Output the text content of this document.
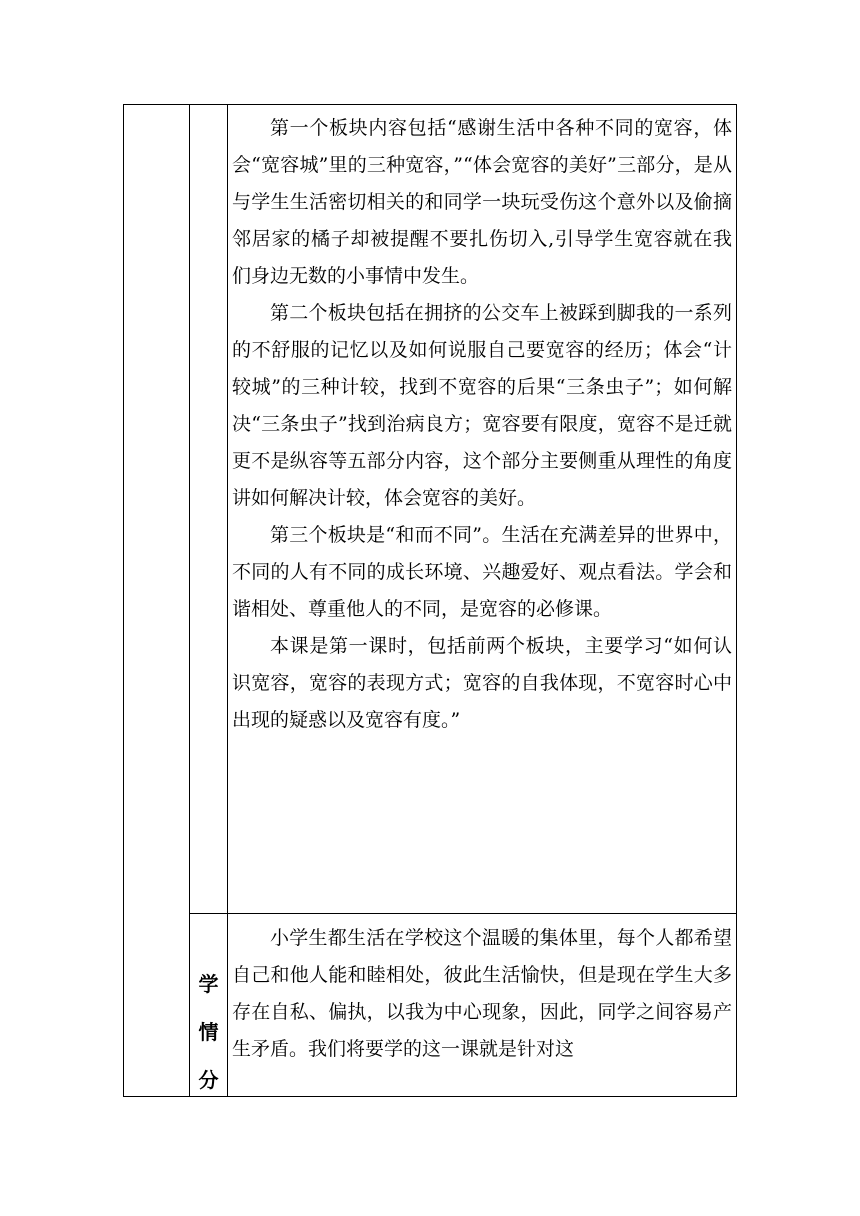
第一个板块内容包括“感谢生活中各种不同的宽容，体会“宽容城”里的三种宽容，”“体会宽容的美好”三部分，是从与学生生活密切相关的和同学一块玩受伤这个意外以及偷摘邻居家的橘子却被提醒不要扎伤切入,引导学生宽容就在我们身边无数的小事情中发生。

第二个板块包括在拥挤的公交车上被踩到脚我的一系列的不舒服的记忆以及如何说服自己要宽容的经历；体会“计较城”的三种计较，找到不宽容的后果“三条虫子”；如何解决“三条虫子”找到治病良方；宽容要有限度，宽容不是迁就更不是纵容等五部分内容，这个部分主要侧重从理性的角度讲如何解决计较，体会宽容的美好。

第三个板块是“和而不同”。生活在充满差异的世界中，不同的人有不同的成长环境、兴趣爱好、观点看法。学会和谐相处、尊重他人的不同，是宽容的必修课。

本课是第一课时，包括前两个板块，主要学习“如何认识宽容，宽容的表现方式；宽容的自我体现，不宽容时心中出现的疑惑以及宽容有度。”

学
情
分

小学生都生活在学校这个温暖的集体里，每个人都希望自己和他人能和睦相处，彼此生活愉快，但是现在学生大多存在自私、偏执，以我为中心现象，因此，同学之间容易产生矛盾。我们将要学的这一课就是针对这
